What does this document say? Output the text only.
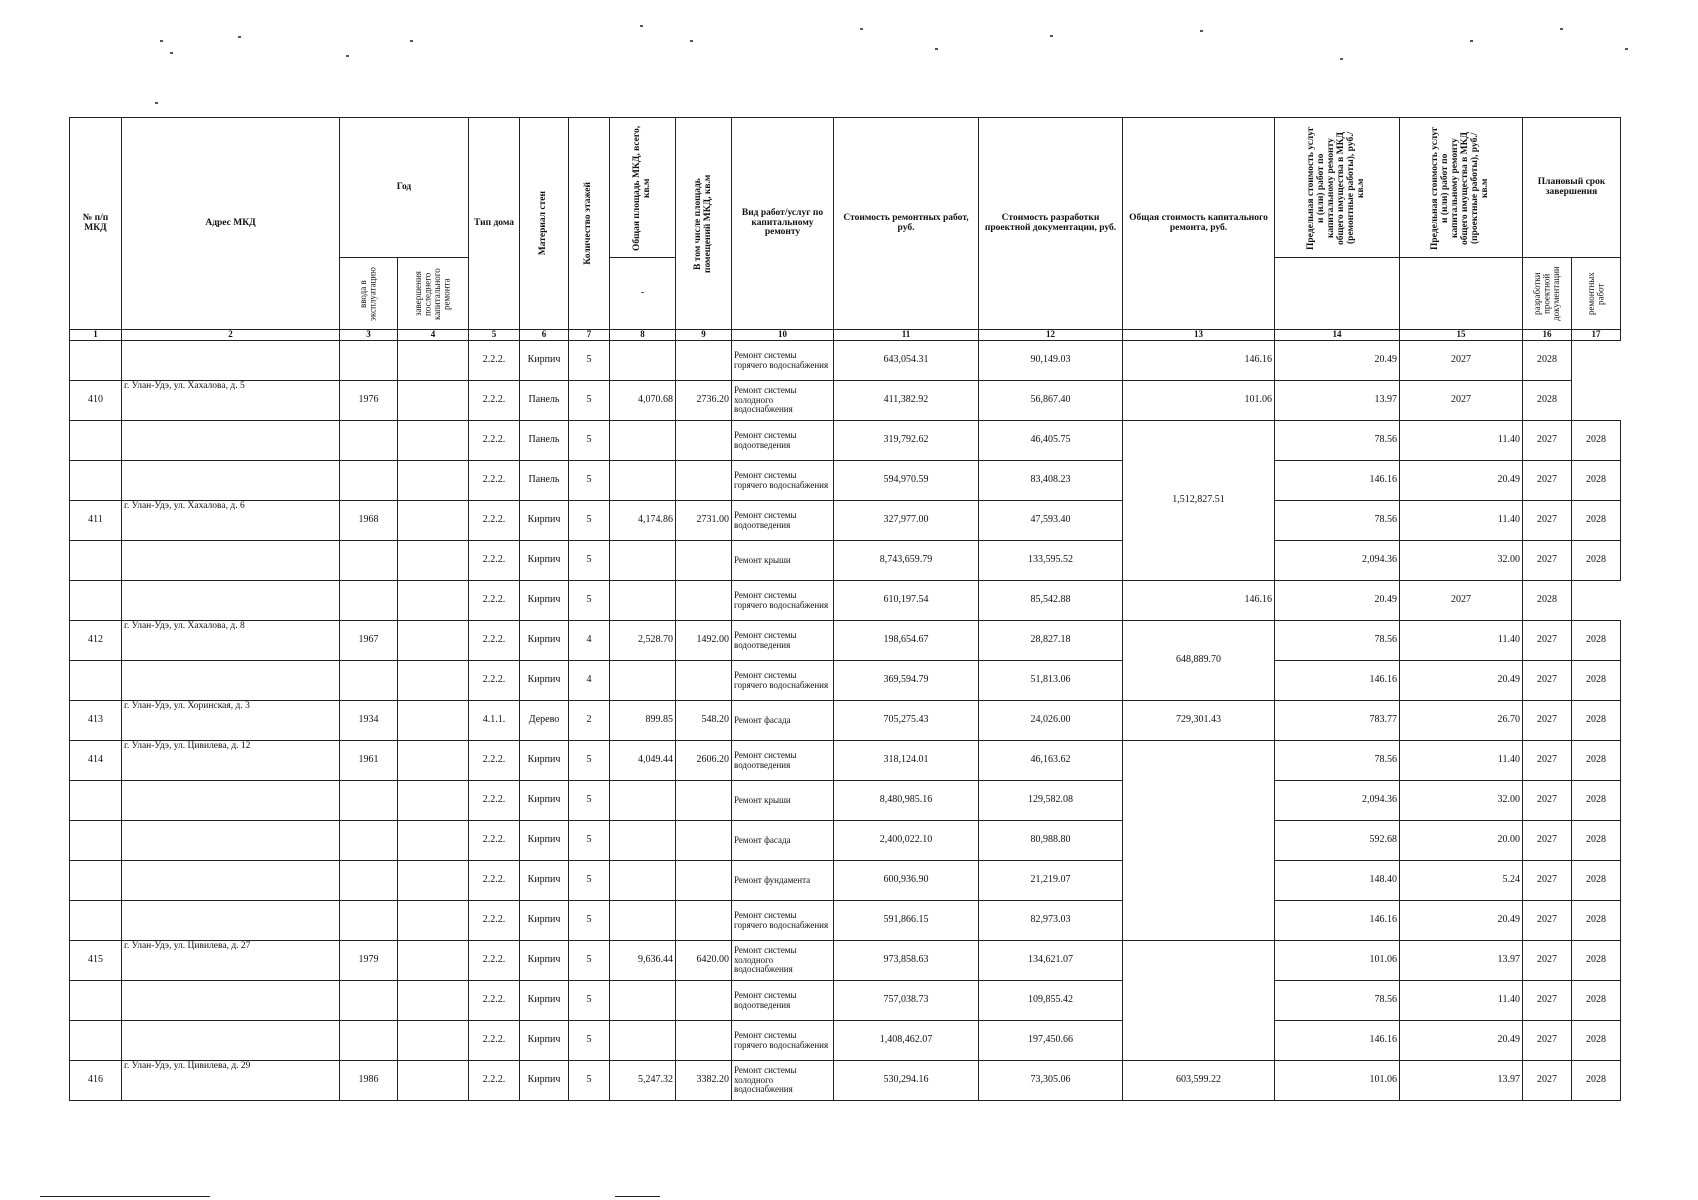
№ п/п МКД	Адрес МКД	Год		Тип дома	Материал стен	Количество этажей	Общая площадь МКД, всего, кв.м	В том числе площадь помещений МКД, кв.м	Вид работ/услуг по капитальному ремонту	Стоимость ремонтных работ, руб.	Стоимость разработки проектной документации, руб.	Общая стоимость капитального ремонта, руб.	Предельная стоимость услуг и (или) работ по капитальному ремонту общего имущества в МКД (ремонтные работы), руб./кв.м	Предельная стоимость услуг и (или) работ по капитальному ремонту общего имущества в МКД (проектные работы), руб./кв.м	Плановый срок завершения	

		ввода в эксплуатацию	завершения последнего капитального ремонта				-								разработки проектной документации	ремонтных работ

1	2	3	4	5	6	7	8	9	10	11	12	13	14	15	16	17
				2.2.2.	Кирпич	5			Ремонт системы горячего водоснабжения	643,054.31	90,149.03	146.16	20.49	2027	2028	
410	г. Улан-Удэ, ул. Хахалова, д. 5	1976		2.2.2.	Панель	5	4,070.68	2736.20	Ремонт системы холодного водоснабжения	411,382.92	56,867.40	101.06	13.97	2027	2028	
				2.2.2.	Панель	5			Ремонт системы водоотведения	319,792.62	46,405.75	1,512,827.51	78.56	11.40	2027	2028
				2.2.2.	Панель	5			Ремонт системы горячего водоснабжения	594,970.59	83,408.23		146.16	20.49	2027	2028
411	г. Улан-Удэ, ул. Хахалова, д. 6	1968		2.2.2.	Кирпич	5	4,174.86	2731.00	Ремонт системы водоотведения	327,977.00	47,593.40		78.56	11.40	2027	2028
				2.2.2.	Кирпич	5			Ремонт крыши	8,743,659.79	133,595.52		2,094.36	32.00	2027	2028
				2.2.2.	Кирпич	5			Ремонт системы горячего водоснабжения	610,197.54	85,542.88	146.16	20.49	2027	2028	
412	г. Улан-Удэ, ул. Хахалова, д. 8	1967		2.2.2.	Кирпич	4	2,528.70	1492.00	Ремонт системы водоотведения	198,654.67	28,827.18	648,889.70	78.56	11.40	2027	2028
				2.2.2.	Кирпич	4			Ремонт системы горячего водоснабжения	369,594.79	51,813.06		146.16	20.49	2027	2028
413	г. Улан-Удэ, ул. Хоринская, д. 3	1934		4.1.1.	Дерево	2	899.85	548.20	Ремонт фасада	705,275.43	24,026.00	729,301.43	783.77	26.70	2027	2028
414	г. Улан-Удэ, ул. Цивилева, д. 12	1961		2.2.2.	Кирпич	5	4,049.44	2606.20	Ремонт системы водоотведения	318,124.01	46,163.62		78.56	11.40	2027	2028
				2.2.2.	Кирпич	5			Ремонт крыши	8,480,985.16	129,582.08		2,094.36	32.00	2027	2028
				2.2.2.	Кирпич	5			Ремонт фасада	2,400,022.10	80,988.80		592.68	20.00	2027	2028
				2.2.2.	Кирпич	5			Ремонт фундамента	600,936.90	21,219.07		148.40	5.24	2027	2028
				2.2.2.	Кирпич	5			Ремонт системы горячего водоснабжения	591,866.15	82,973.03		146.16	20.49	2027	2028
415	г. Улан-Удэ, ул. Цивилева, д. 27	1979		2.2.2.	Кирпич	5	9,636.44	6420.00	Ремонт системы холодного водоснабжения	973,858.63	134,621.07		101.06	13.97	2027	2028
				2.2.2.	Кирпич	5			Ремонт системы водоотведения	757,038.73	109,855.42		78.56	11.40	2027	2028
				2.2.2.	Кирпич	5			Ремонт системы горячего водоснабжения	1,408,462.07	197,450.66		146.16	20.49	2027	2028
416	г. Улан-Удэ, ул. Цивилева, д. 29	1986		2.2.2.	Кирпич	5	5,247.32	3382.20	Ремонт системы холодного водоснабжения	530,294.16	73,305.06	603,599.22	101.06	13.97	2027	2028
